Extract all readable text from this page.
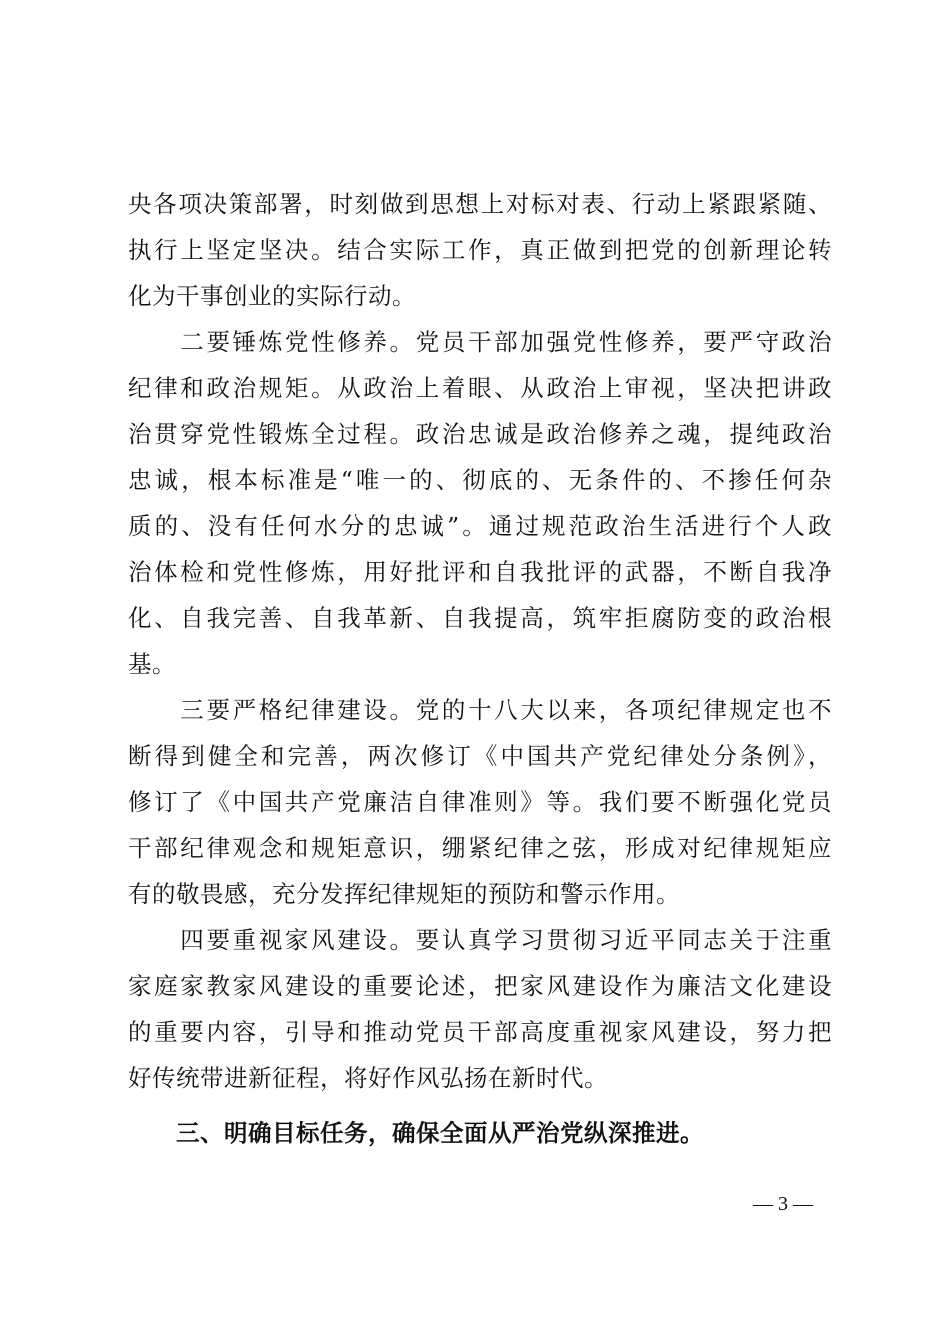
央各项决策部署，时刻做到思想上对标对表、行动上紧跟紧随、
执行上坚定坚决。结合实际工作，真正做到把党的创新理论转
化为干事创业的实际行动。
　　二要锤炼党性修养。党员干部加强党性修养，要严守政治
纪律和政治规矩。从政治上着眼、从政治上审视，坚决把讲政
治贯穿党性锻炼全过程。政治忠诚是政治修养之魂，提纯政治
忠诚，根本标准是“唯一的、彻底的、无条件的、不掺任何杂
质的、没有任何水分的忠诚”。通过规范政治生活进行个人政
治体检和党性修炼，用好批评和自我批评的武器，不断自我净
化、自我完善、自我革新、自我提高，筑牢拒腐防变的政治根
基。
　　三要严格纪律建设。党的十八大以来，各项纪律规定也不
断得到健全和完善，两次修订《中国共产党纪律处分条例》，
修订了《中国共产党廉洁自律准则》等。我们要不断强化党员
干部纪律观念和规矩意识，绷紧纪律之弦，形成对纪律规矩应
有的敬畏感，充分发挥纪律规矩的预防和警示作用。
　　四要重视家风建设。要认真学习贯彻习近平同志关于注重
家庭家教家风建设的重要论述，把家风建设作为廉洁文化建设
的重要内容，引导和推动党员干部高度重视家风建设，努力把
好传统带进新征程，将好作风弘扬在新时代。
三、明确目标任务，确保全面从严治党纵深推进。
— 3 —
